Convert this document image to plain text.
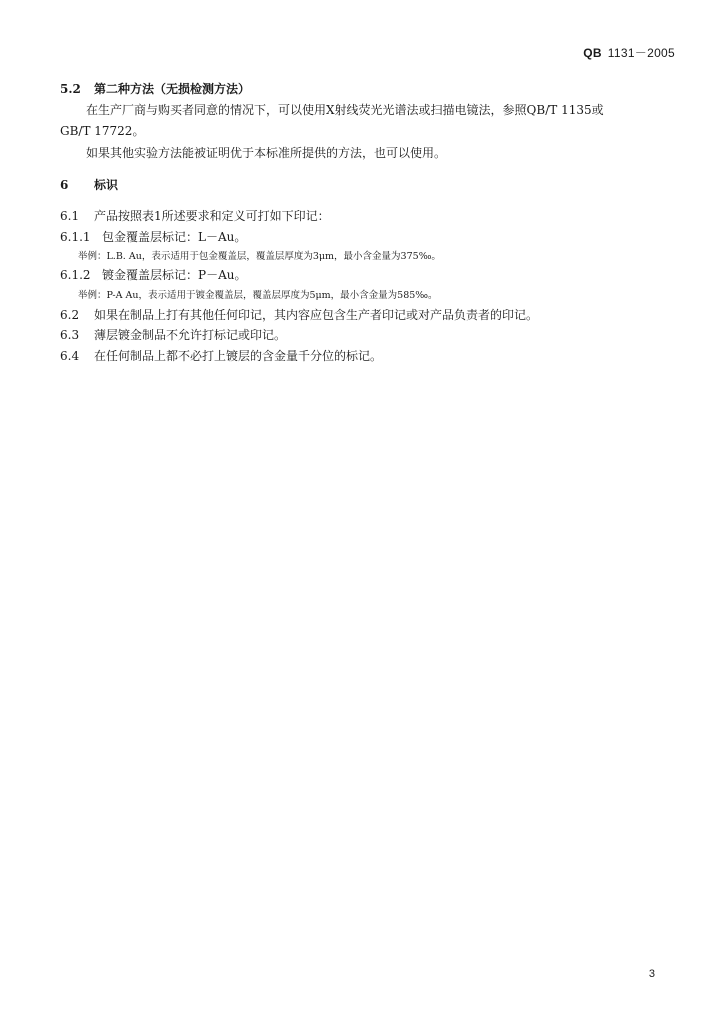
QB 1131－2005
5.2 第二种方法（无损检测方法）
在生产厂商与购买者同意的情况下，可以使用X射线荧光光谱法或扫描电镜法，参照QB/T 1135或
GB/T 17722。
如果其他实验方法能被证明优于本标准所提供的方法，也可以使用。
6 标识
6.1 产品按照表1所述要求和定义可打如下印记：
6.1.1 包金覆盖层标记：L－Au。
举例：L.B. Au，表示适用于包金覆盖层，覆盖层厚度为3μm，最小含金量为375‰。
6.1.2 镀金覆盖层标记：P－Au。
举例：P-A Au，表示适用于镀金覆盖层，覆盖层厚度为5μm，最小含金量为585‰。
6.2 如果在制品上打有其他任何印记，其内容应包含生产者印记或对产品负责者的印记。
6.3 薄层镀金制品不允许打标记或印记。
6.4 在任何制品上都不必打上镀层的含金量千分位的标记。
3
